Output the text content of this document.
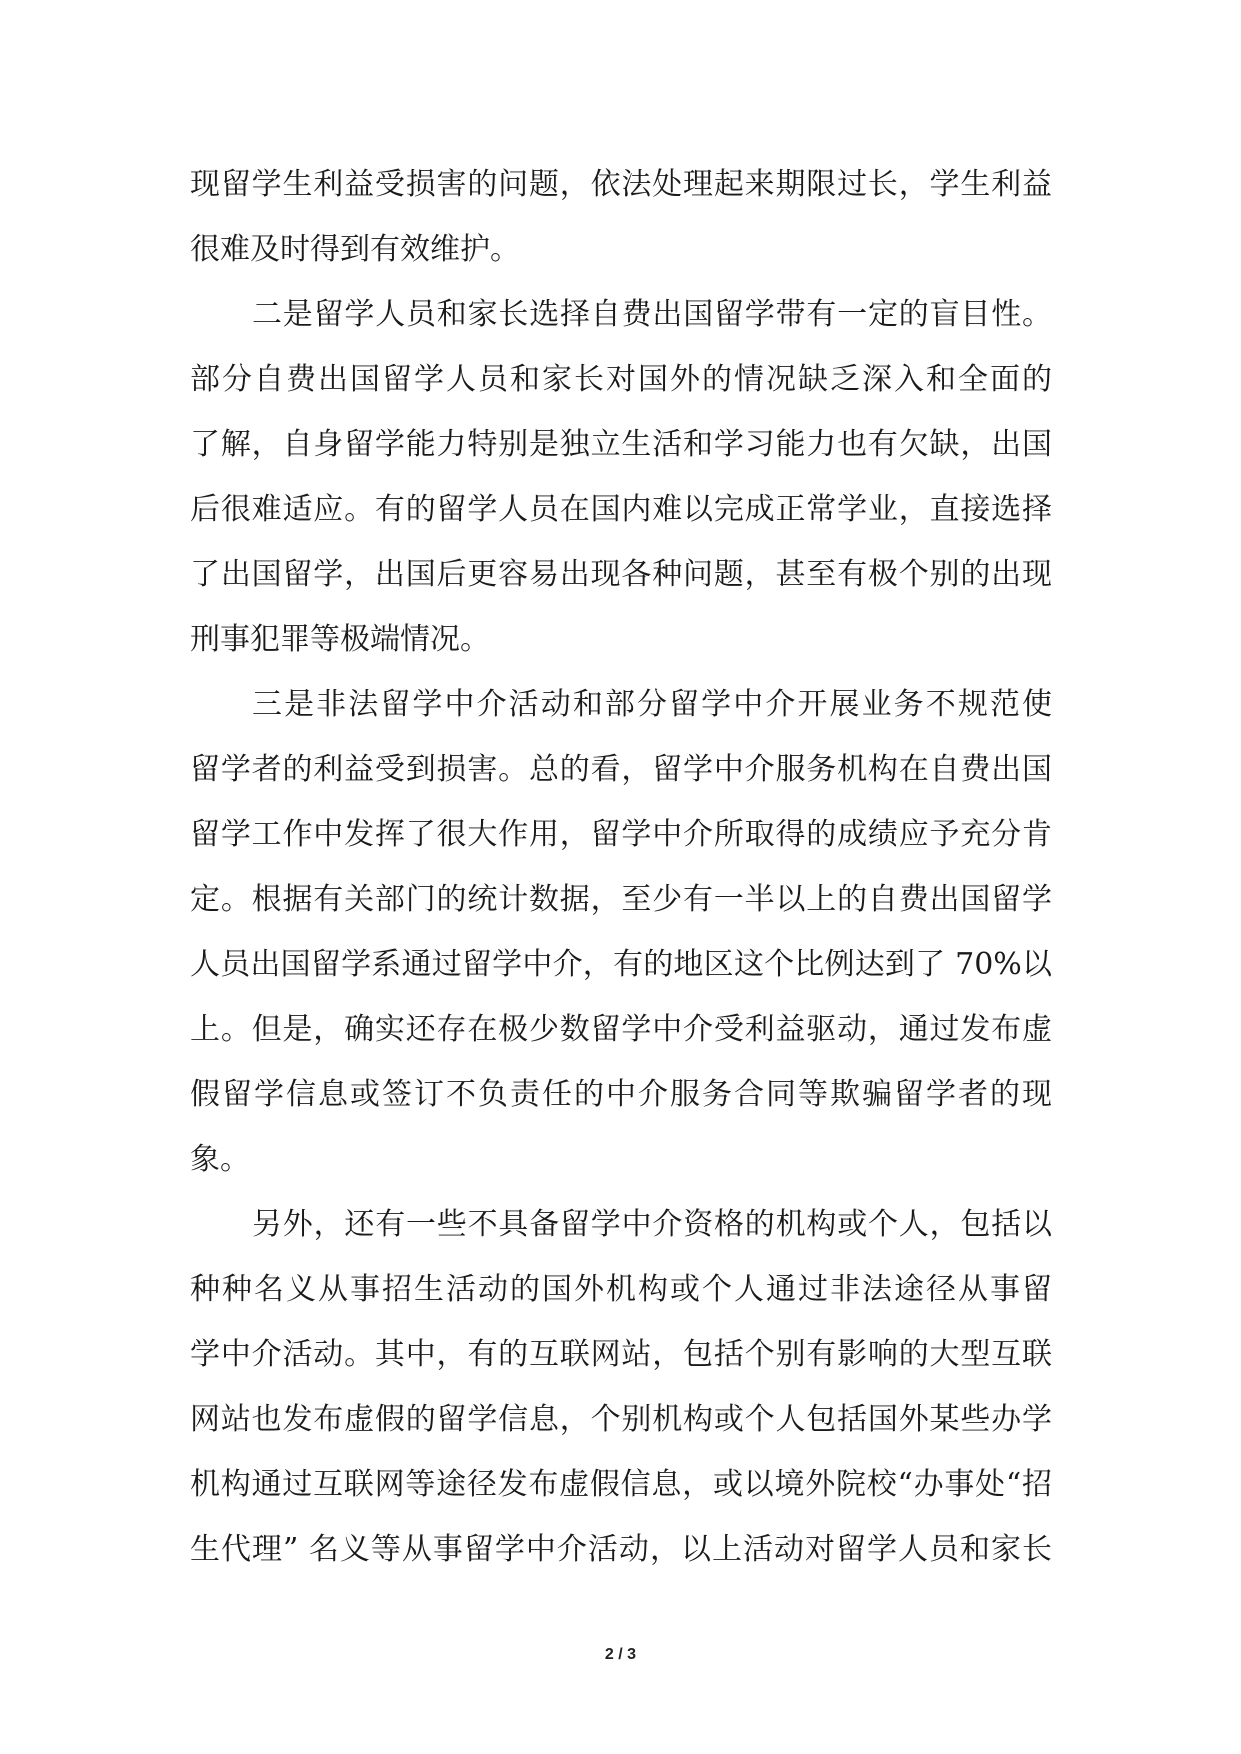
现留学生利益受损害的问题，依法处理起来期限过长，学生利益
很难及时得到有效维护。
二是留学人员和家长选择自费出国留学带有一定的盲目性。
部分自费出国留学人员和家长对国外的情况缺乏深入和全面的
了解，自身留学能力特别是独立生活和学习能力也有欠缺，出国
后很难适应。有的留学人员在国内难以完成正常学业，直接选择
了出国留学，出国后更容易出现各种问题，甚至有极个别的出现
刑事犯罪等极端情况。
三是非法留学中介活动和部分留学中介开展业务不规范使
留学者的利益受到损害。总的看，留学中介服务机构在自费出国
留学工作中发挥了很大作用，留学中介所取得的成绩应予充分肯
定。根据有关部门的统计数据，至少有一半以上的自费出国留学
人员出国留学系通过留学中介，有的地区这个比例达到了 70%以
上。但是，确实还存在极少数留学中介受利益驱动，通过发布虚
假留学信息或签订不负责任的中介服务合同等欺骗留学者的现
象。
另外，还有一些不具备留学中介资格的机构或个人，包括以
种种名义从事招生活动的国外机构或个人通过非法途径从事留
学中介活动。其中，有的互联网站，包括个别有影响的大型互联
网站也发布虚假的留学信息，个别机构或个人包括国外某些办学
机构通过互联网等途径发布虚假信息，或以境外院校“办事处“招
生代理” 名义等从事留学中介活动，以上活动对留学人员和家长
2 / 3
